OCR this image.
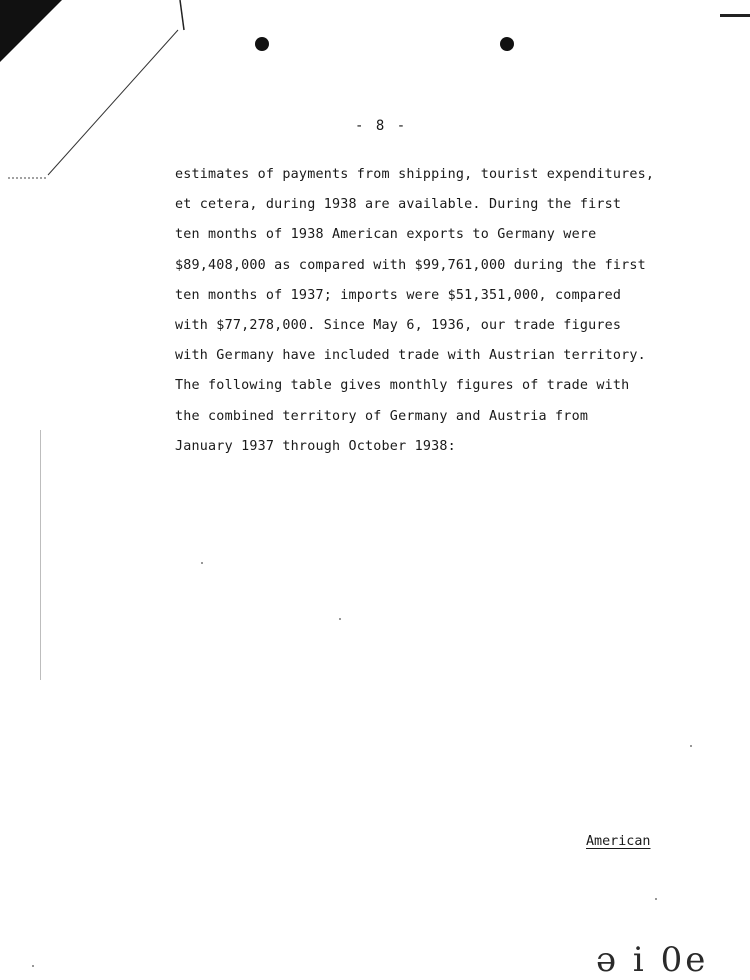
- 8 -
estimates of payments from shipping, tourist expenditures,
et cetera, during 1938 are available. During the first
ten months of 1938 American exports to Germany were
$89,408,000 as compared with $99,761,000 during the first
ten months of 1937; imports were $51,351,000, compared
with $77,278,000. Since May 6, 1936, our trade figures
with Germany have included trade with Austrian territory.
The following table gives monthly figures of trade with
the combined territory of Germany and Austria from
January 1937 through October 1938:
American
ǝ i 0e
